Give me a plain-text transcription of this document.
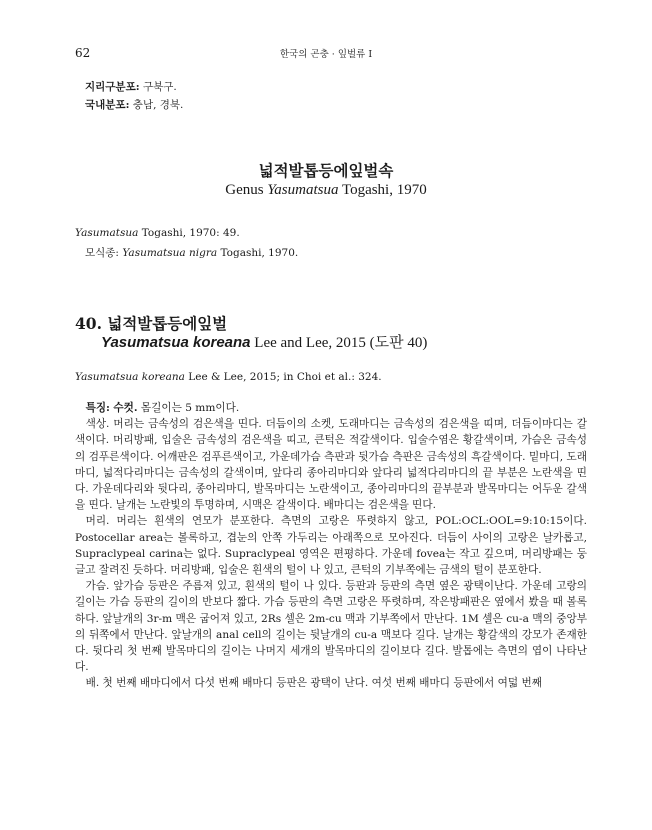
62	한국의 곤충 · 잎벌류 I
지리구분포: 구북구.
국내분포: 충남, 경북.
넓적발톱등에잎벌속
Genus Yasumatsua Togashi, 1970
Yasumatsua Togashi, 1970: 49.
모식종: Yasumatsua nigra Togashi, 1970.
40. 넓적발톱등에잎벌
Yasumatsua koreana Lee and Lee, 2015 (도판 40)
Yasumatsua koreana Lee & Lee, 2015; in Choi et al.: 324.

특징: 수컷. 몸길이는 5 mm이다.

색상. 머리는 금속성의 검은색을 띤다. 더듬이의 소켓, 도래마디는 금속성의 검은색을 띠며, 더듬이마디는 갈색이다. 머리방패, 입술은 금속성의 검은색을 띠고, 큰턱은 적갈색이다. 입술수염은 황갈색이며, 가슴은 금속성의 검푸른색이다. 어깨판은 검푸른색이고, 가운데가슴 측판과 뒷가슴 측판은 금속성의 흑갈색이다. 밑마디, 도래마디, 넓적다리마디는 금속성의 갈색이며, 앞다리 종아리마디와 앞다리 넓적다리마디의 끝 부분은 노란색을 띤다. 가운데다리와 뒷다리, 종아리마디, 발목마디는 노란색이고, 종아리마디의 끝부분과 발목마디는 어두운 갈색을 띤다. 날개는 노란빛의 투명하며, 시맥은 갈색이다. 배마디는 검은색을 띤다.

머리. 머리는 흰색의 연모가 분포한다. 측면의 고랑은 뚜렷하지 않고, POL:OCL:OOL=9:10:15이다. Postocellar area는 볼록하고, 겹눈의 안쪽 가두리는 아래쪽으로 모아진다. 더듬이 사이의 고랑은 날카롭고, Supraclypeal carina는 없다. Supraclypeal 영역은 편평하다. 가운데 fovea는 작고 깊으며, 머리방패는 둥글고 잘려진 듯하다. 머리방패, 입술은 흰색의 털이 나 있고, 큰턱의 기부쪽에는 금색의 털이 분포한다.

가슴. 앞가슴 등판은 주름져 있고, 흰색의 털이 나 있다. 등판과 등판의 측면 옆은 광택이난다. 가운데 고랑의 길이는 가슴 등판의 길이의 반보다 짧다. 가슴 등판의 측면 고랑은 뚜렷하며, 작은방패판은 옆에서 봤을 때 볼록하다. 앞날개의 3r-m 맥은 굽어져 있고, 2Rs 셀은 2m-cu 맥과 기부쪽에서 만난다. 1M 셀은 cu-a 맥의 중앙부의 뒤쪽에서 만난다. 앞날개의 anal cell의 길이는 뒷날개의 cu-a 맥보다 길다. 날개는 황갈색의 강모가 존재한다. 뒷다리 첫 번째 발목마디의 길이는 나머지 세개의 발목마디의 길이보다 길다. 발톱에는 측면의 엽이 나타난다.

배. 첫 번째 배마디에서 다섯 번째 배마디 등판은 광택이 난다. 여섯 번째 배마디 등판에서 여덟 번째
